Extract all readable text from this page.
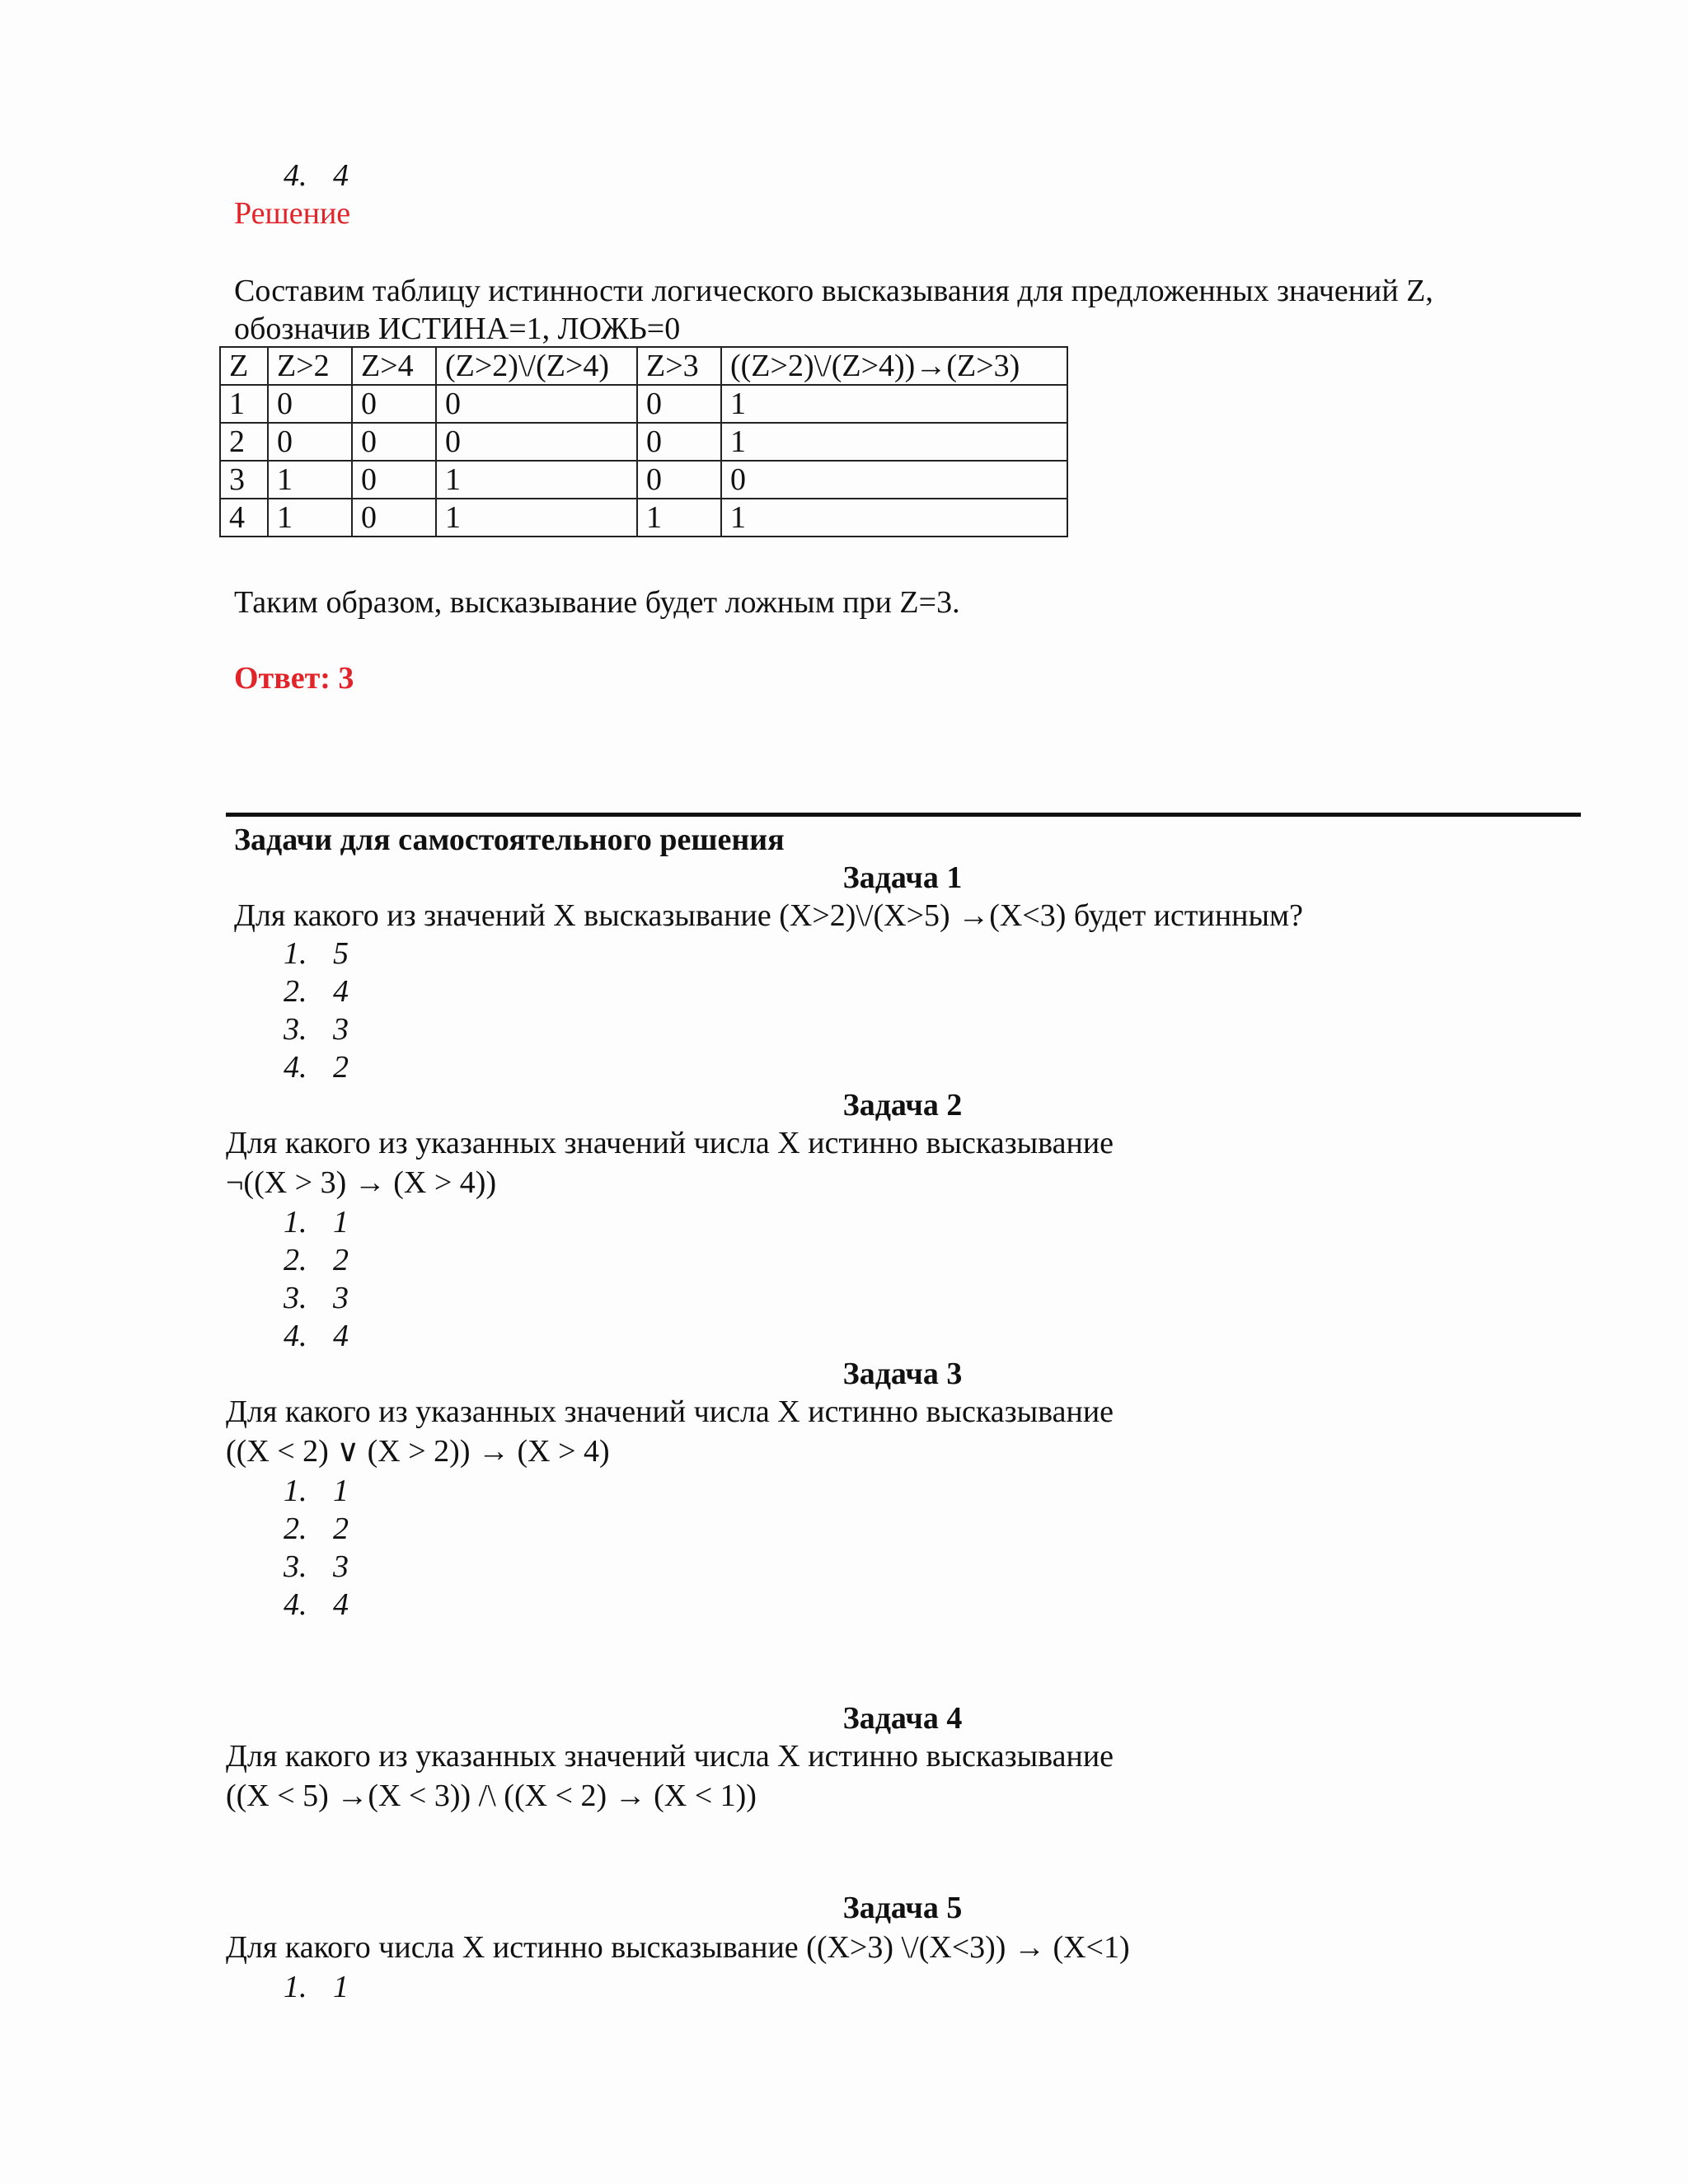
4. 4
Решение
Составим таблицу истинности логического высказывания для предложенных значений Z,
обозначив ИСТИНА=1, ЛОЖЬ=0
Z	Z>2	Z>4	(Z>2)\/(Z>4)	Z>3	((Z>2)\/(Z>4))→(Z>3)
1	0	0	0	0	1
2	0	0	0	0	1
3	1	0	1	0	0
4	1	0	1	1	1
Таким образом, высказывание будет ложным при Z=3.
Ответ: 3
Задачи для самостоятельного решения
Задача 1
Для какого из значений X высказывание (X>2)\/(X>5) →(X<3) будет истинным?
1. 5
2. 4
3. 3
4. 2
Задача 2
Для какого из указанных значений числа X истинно высказывание
¬((X > 3) → (X > 4))
1. 1
2. 2
3. 3
4. 4
Задача 3
Для какого из указанных значений числа X истинно высказывание
((X < 2) ∨ (X > 2)) → (X > 4)
1. 1
2. 2
3. 3
4. 4
Задача 4
Для какого из указанных значений числа X истинно высказывание
((X < 5) →(X < 3)) /\ ((X < 2) → (X < 1))
Задача 5
Для какого числа X истинно высказывание ((X>3) \/(X<3)) → (X<1)
1. 1
